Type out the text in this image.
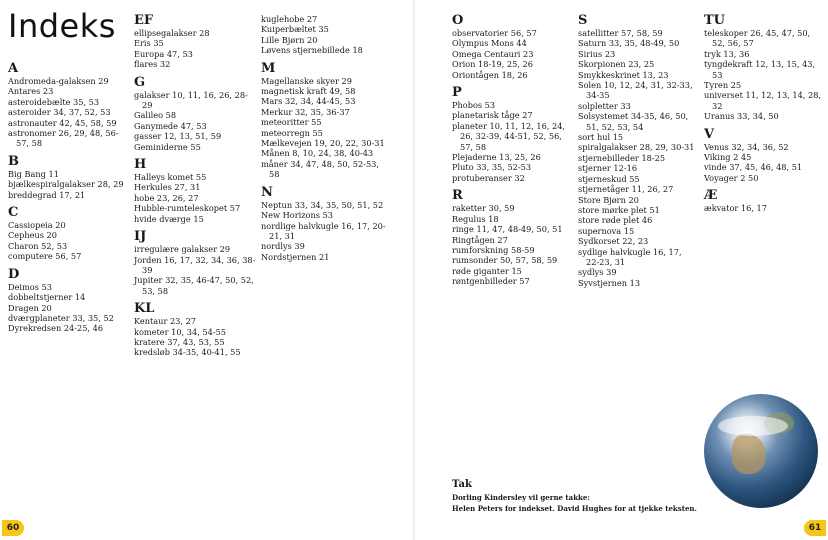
Indeks
A
Andromeda-galaksen 29
Antares 23
asteroidebælte 35, 53
asteroider 34, 37, 52, 53
astronauter 42, 45, 58, 59
astronomer 26, 29, 48, 56-57, 58
B
Big Bang 11
bjælkespiralgalakser 28, 29
breddegrad 17, 21
C
Cassiopeia 20
Cepheus 20
Charon 52, 53
computere 56, 57
D
Deimos 53
dobbeltstjerner 14
Dragen 20
dværgplaneter 33, 35, 52
Dyrekredsen 24-25, 46
EF
ellipsegalakser 28
Eris 35
Europa 47, 53
flares 32
G
galakser 10, 11, 16, 26, 28-29
Galileo 58
Ganymede 47, 53
gasser 12, 13, 51, 59
Geminiderne 55
H
Halleys komet 55
Herkules 27, 31
hobe 23, 26, 27
Hubble-rumteleskopet 57
hvide dværge 15
IJ
irregulære galakser 29
Jorden 16, 17, 32, 34, 36, 38-39
Jupiter 32, 35, 46-47, 50, 52, 53, 58
KL
Kentaur 23, 27
kometer 10, 34, 54-55
kratere 37, 43, 53, 55
kredsløb 34-35, 40-41, 55
kuglehobe 27
Kuiperbæltet 35
Lille Bjørn 20
Løvens stjernebillede 18
M
Magellanske skyer 29
magnetisk kraft 49, 58
Mars 32, 34, 44-45, 53
Merkur 32, 35, 36-37
meteoritter 55
meteorregn 55
Mælkevejen 19, 20, 22, 30-31
Månen 8, 10, 24, 38, 40-43
måner 34, 47, 48, 50, 52-53, 58
N
Neptun 33, 34, 35, 50, 51, 52
New Horizons 53
nordlige halvkugle 16, 17, 20-21, 31
nordlys 39
Nordstjernen 21
O
observatorier 56, 57
Olympus Mons 44
Omega Centauri 23
Orion 18-19, 25, 26
Oriontågen 18, 26
P
Phobos 53
planetarisk tåge 27
planeter 10, 11, 12, 16, 24, 26, 32-39, 44-51, 52, 56, 57, 58
Plejaderne 13, 25, 26
Pluto 33, 35, 52-53
protuberanser 32
R
raketter 30, 59
Regulus 18
ringe 11, 47, 48-49, 50, 51
Ringtågen 27
rumforskning 58-59
rumsonder 50, 57, 58, 59
røde giganter 15
røntgenbilleder 57
S
satellitter 57, 58, 59
Saturn 33, 35, 48-49, 50
Sirius 23
Skorpionen 23, 25
Smykkeskrinet 13, 23
Solen 10, 12, 24, 31, 32-33, 34-35
solpletter 33
Solsystemet 34-35, 46, 50, 51, 52, 53, 54
sort hul 15
spiralgalakser 28, 29, 30-31
stjernebilleder 18-25
stjerner 12-16
stjerneskud 55
stjernetåger 11, 26, 27
Store Bjørn 20
store mørke plet 51
store røde plet 46
supernova 15
Sydkorset 22, 23
sydlige halvkugle 16, 17, 22-23, 31
sydlys 39
Syvstjernen 13
TU
teleskoper 26, 45, 47, 50, 52, 56, 57
tryk 13, 36
tyngdekraft 12, 13, 15, 43, 53
Tyren 25
universet 11, 12, 13, 14, 28, 32
Uranus 33, 34, 50
V
Venus 32, 34, 36, 52
Viking 2 45
vinde 37, 45, 46, 48, 51
Voyager 2 50
Æ
ækvator 16, 17
Tak
Dorling Kindersley vil gerne takke:
Helen Peters for indekset. David Hughes for at tjekke teksten.
60	61
